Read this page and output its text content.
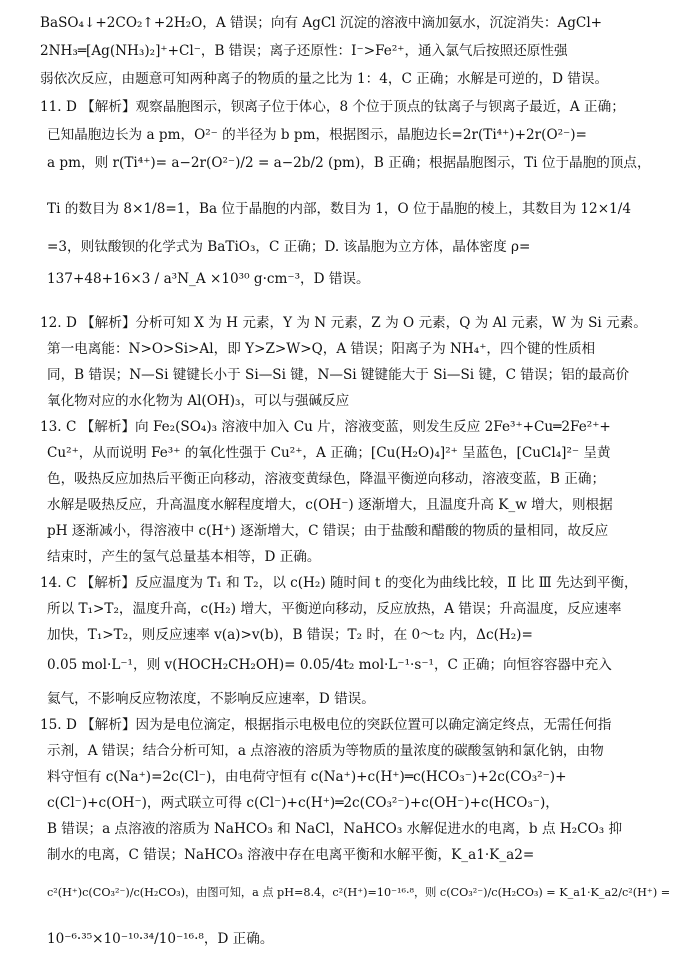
BaSO₄↓+2CO₂↑+2H₂O，A 错误；向有 AgCl 沉淀的溶液中滴加氨水，沉淀消失：AgCl+
2NH₃═[Ag(NH₃)₂]⁺+Cl⁻，B 错误；离子还原性：I⁻>Fe²⁺，通入氯气后按照还原性强
弱依次反应，由题意可知两种离子的物质的量之比为 1：4，C 正确；水解是可逆的，D 错误。
11. D 【解析】观察晶胞图示，钡离子位于体心，8 个位于顶点的钛离子与钡离子最近，A 正确；
已知晶胞边长为 a pm，O²⁻ 的半径为 b pm，根据图示，晶胞边长=2r(Ti⁴⁺)+2r(O²⁻)=
a pm，则 r(Ti⁴⁺)= a−2r(O²⁻)/2 = a−2b/2 (pm)，B 正确；根据晶胞图示，Ti 位于晶胞的顶点，
Ti 的数目为 8×1/8=1，Ba 位于晶胞的内部，数目为 1，O 位于晶胞的棱上，其数目为 12×1/4
=3，则钛酸钡的化学式为 BaTiO₃，C 正确；D. 该晶胞为立方体，晶体密度 ρ=
137+48+16×3 / a³N_A ×10³⁰ g·cm⁻³，D 错误。
12. D 【解析】分析可知 X 为 H 元素，Y 为 N 元素，Z 为 O 元素，Q 为 Al 元素，W 为 Si 元素。
第一电离能：N>O>Si>Al，即 Y>Z>W>Q，A 错误；阳离子为 NH₄⁺，四个键的性质相
同，B 错误；N—Si 键键长小于 Si—Si 键，N—Si 键键能大于 Si—Si 键，C 错误；铝的最高价
氧化物对应的水化物为 Al(OH)₃，可以与强碱反应
13. C 【解析】向 Fe₂(SO₄)₃ 溶液中加入 Cu 片，溶液变蓝，则发生反应 2Fe³⁺+Cu═2Fe²⁺+
Cu²⁺，从而说明 Fe³⁺ 的氧化性强于 Cu²⁺，A 正确；[Cu(H₂O)₄]²⁺ 呈蓝色，[CuCl₄]²⁻ 呈黄
色，吸热反应加热后平衡正向移动，溶液变黄绿色，降温平衡逆向移动，溶液变蓝，B 正确；
水解是吸热反应，升高温度水解程度增大，c(OH⁻) 逐渐增大，且温度升高 K_w 增大，则根据
pH 逐渐减小，得溶液中 c(H⁺) 逐渐增大，C 错误；由于盐酸和醋酸的物质的量相同，故反应
结束时，产生的氢气总量基本相等，D 正确。
14. C 【解析】反应温度为 T₁ 和 T₂，以 c(H₂) 随时间 t 的变化为曲线比较，Ⅱ 比 Ⅲ 先达到平衡，
所以 T₁>T₂，温度升高，c(H₂) 增大，平衡逆向移动，反应放热，A 错误；升高温度，反应速率
加快，T₁>T₂，则反应速率 v(a)>v(b)，B 错误；T₂ 时，在 0～t₂ 内，Δc(H₂)=
0.05 mol·L⁻¹，则 v(HOCH₂CH₂OH)= 0.05/4t₂ mol·L⁻¹·s⁻¹，C 正确；向恒容容器中充入
氦气，不影响反应物浓度，不影响反应速率，D 错误。
15. D 【解析】因为是电位滴定，根据指示电极电位的突跃位置可以确定滴定终点，无需任何指
示剂，A 错误；结合分析可知，a 点溶液的溶质为等物质的量浓度的碳酸氢钠和氯化钠，由物
料守恒有 c(Na⁺)=2c(Cl⁻)，由电荷守恒有 c(Na⁺)+c(H⁺)═c(HCO₃⁻)+2c(CO₃²⁻)+
c(Cl⁻)+c(OH⁻)，两式联立可得 c(Cl⁻)+c(H⁺)═2c(CO₃²⁻)+c(OH⁻)+c(HCO₃⁻)，
B 错误；a 点溶液的溶质为 NaHCO₃ 和 NaCl，NaHCO₃ 水解促进水的电离，b 点 H₂CO₃ 抑
制水的电离，C 错误；NaHCO₃ 溶液中存在电离平衡和水解平衡，K_a1·K_a2=
c²(H⁺)c(CO₃²⁻)/c(H₂CO₃)，由图可知，a 点 pH=8.4，c²(H⁺)=10⁻¹⁶·⁸，则 c(CO₃²⁻)/c(H₂CO₃) = K_a1·K_a2/c²(H⁺) =
10⁻⁶·³⁵×10⁻¹⁰·³⁴/10⁻¹⁶·⁸，D 正确。
